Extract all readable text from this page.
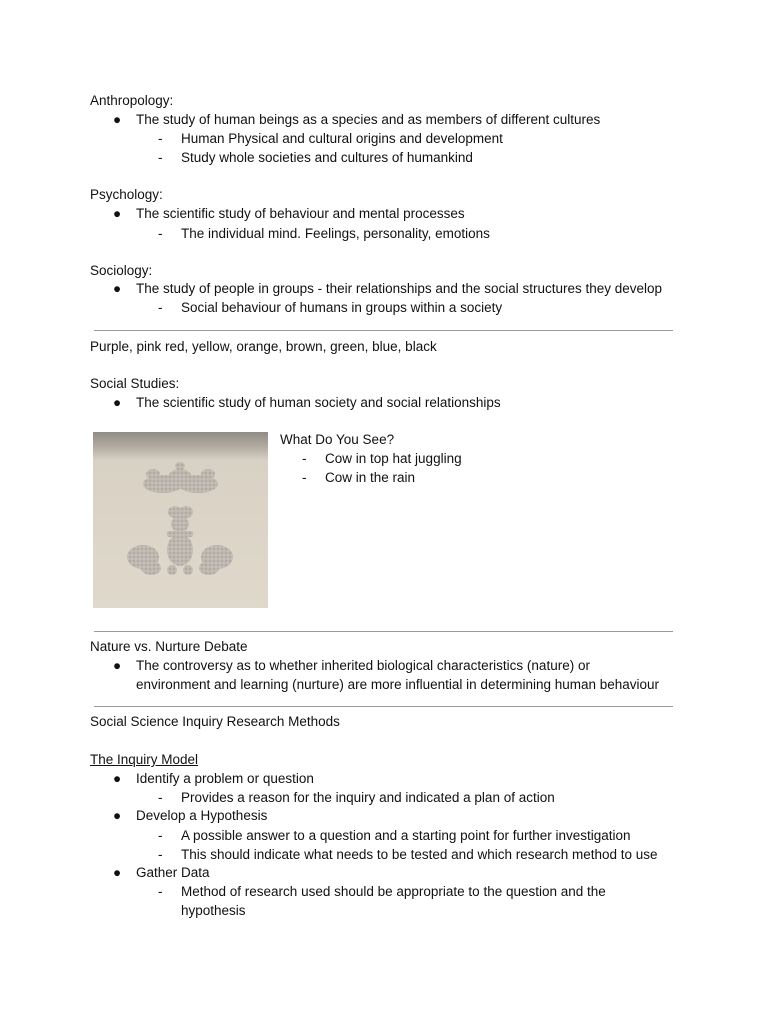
Anthropology:
● The study of human beings as a species and as members of different cultures
- Human Physical and cultural origins and development
- Study whole societies and cultures of humankind
Psychology:
● The scientific study of behaviour and mental processes
- The individual mind. Feelings, personality, emotions
Sociology:
● The study of people in groups - their relationships and the social structures they develop
- Social behaviour of humans in groups within a society
Purple, pink red, yellow, orange, brown, green, blue, black
Social Studies:
● The scientific study of human society and social relationships
What Do You See?
- Cow in top hat juggling
- Cow in the rain
Nature vs. Nurture Debate
● The controversy as to whether inherited biological characteristics (nature) or
environment and learning (nurture) are more influential in determining human behaviour
Social Science Inquiry Research Methods
The Inquiry Model
● Identify a problem or question
- Provides a reason for the inquiry and indicated a plan of action
● Develop a Hypothesis
- A possible answer to a question and a starting point for further investigation
- This should indicate what needs to be tested and which research method to use
● Gather Data
- Method of research used should be appropriate to the question and the
hypothesis
